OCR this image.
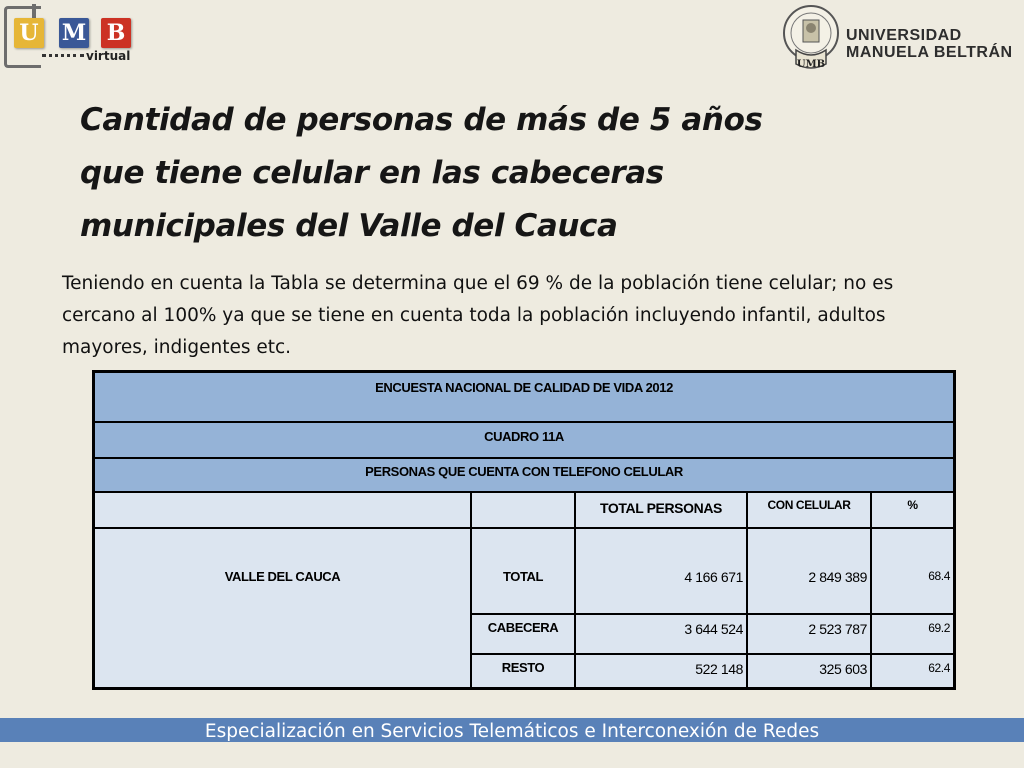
U M B
virtual
UMB
UNIVERSIDAD
MANUELA BELTRÁN
Cantidad de personas de más de 5 años
que tiene celular en las cabeceras
municipales del Valle del Cauca

Teniendo en cuenta la Tabla se determina que el 69 % de la población tiene celular; no es cercano al 100% ya que se tiene en cuenta toda la población incluyendo infantil, adultos mayores, indigentes etc.

ENCUESTA NACIONAL DE CALIDAD DE VIDA 2012
CUADRO 11A
PERSONAS QUE CUENTA CON TELEFONO CELULAR
TOTAL PERSONAS	CON CELULAR	%
VALLE DEL CAUCA	TOTAL	4 166 671	2 849 389	68.4
CABECERA	3 644 524	2 523 787	69.2
RESTO	522 148	325 603	62.4
Especialización en Servicios Telemáticos e Interconexión de Redes
